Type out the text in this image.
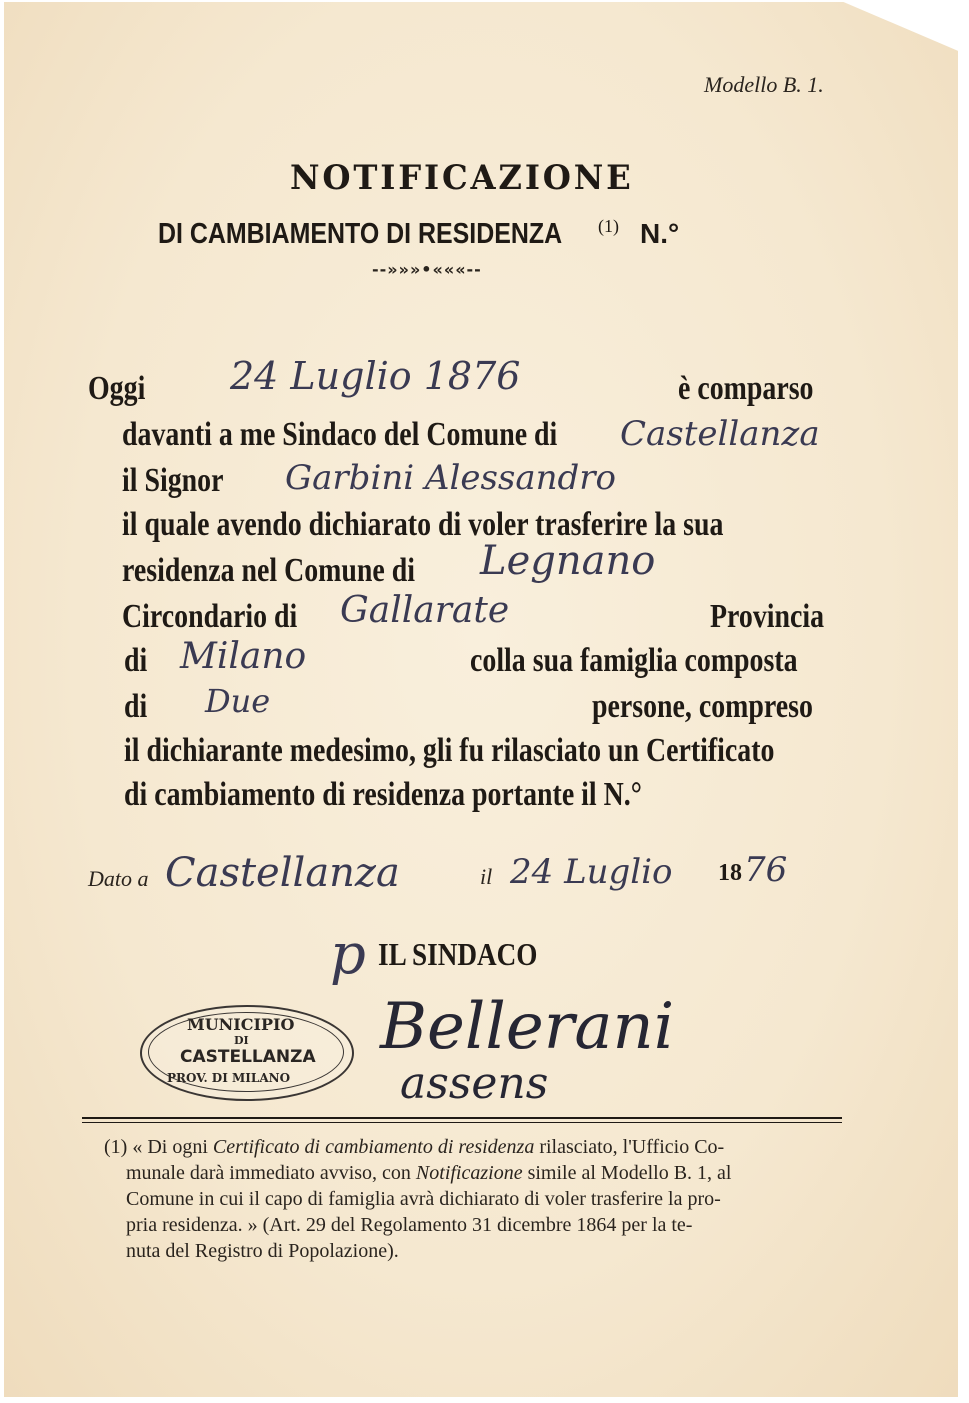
Modello B. 1.
NOTIFICAZIONE
DI CAMBIAMENTO DI RESIDENZA (1) N.°
--»»»•«««--
Oggi 24 Luglio 1876	è comparso
davanti a me Sindaco del Comune di Castellanza
il Signor Garbini Alessandro
il quale avendo dichiarato di voler trasferire la sua
residenza nel Comune di Legnano
Circondario di Gallarate	Provincia
di Milano	colla sua famiglia composta
di Due	persone, compreso
il dichiarante medesimo, gli fu rilasciato un Certificato
di cambiamento di residenza portante il N.°
Dato a Castellanza	il 24 Luglio 18 76
p IL SINDACO
Bellerani
assens
MUNICIPIO
DI
CASTELLANZA
PROV. DI MILANO
(1) « Di ogni Certificato di cambiamento di residenza rilasciato, l'Ufficio Co-
munale darà immediato avviso, con Notificazione simile al Modello B. 1, al
Comune in cui il capo di famiglia avrà dichiarato di voler trasferire la pro-
pria residenza. » (Art. 29 del Regolamento 31 dicembre 1864 per la te-
nuta del Registro di Popolazione).
